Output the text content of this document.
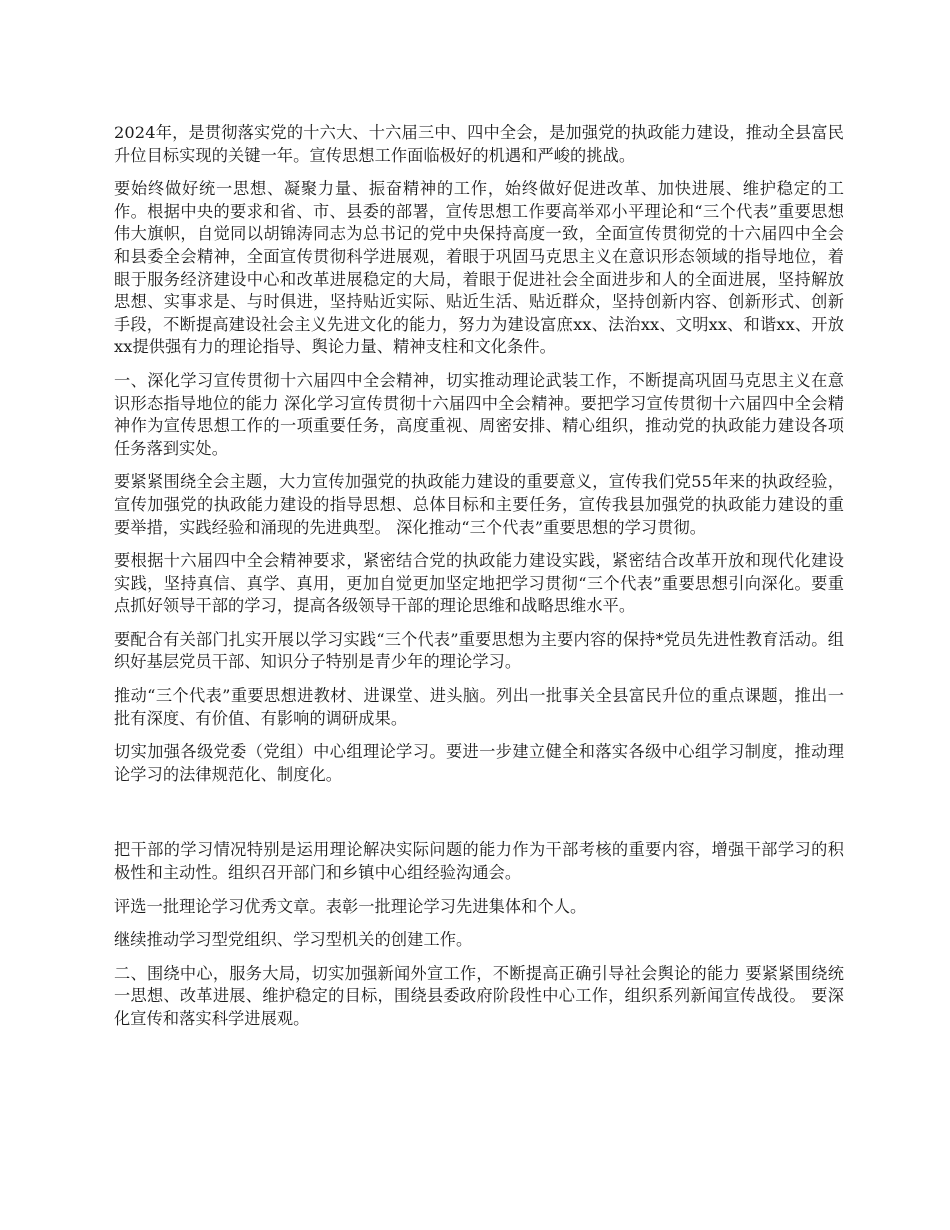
2024年，是贯彻落实党的十六大、十六届三中、四中全会，是加强党的执政能力建设，推动全县富民升位目标实现的关键一年。宣传思想工作面临极好的机遇和严峻的挑战。

要始终做好统一思想、凝聚力量、振奋精神的工作，始终做好促进改革、加快进展、维护稳定的工作。根据中央的要求和省、市、县委的部署，宣传思想工作要高举邓小平理论和“三个代表”重要思想伟大旗帜，自觉同以胡锦涛同志为总书记的党中央保持高度一致，全面宣传贯彻党的十六届四中全会和县委全会精神，全面宣传贯彻科学进展观，着眼于巩固马克思主义在意识形态领域的指导地位，着眼于服务经济建设中心和改革进展稳定的大局，着眼于促进社会全面进步和人的全面进展，坚持解放思想、实事求是、与时俱进，坚持贴近实际、贴近生活、贴近群众，坚持创新内容、创新形式、创新手段，不断提高建设社会主义先进文化的能力，努力为建设富庶xx、法治xx、文明xx、和谐xx、开放xx提供强有力的理论指导、舆论力量、精神支柱和文化条件。

一、深化学习宣传贯彻十六届四中全会精神，切实推动理论武装工作，不断提高巩固马克思主义在意识形态指导地位的能力 深化学习宣传贯彻十六届四中全会精神。要把学习宣传贯彻十六届四中全会精神作为宣传思想工作的一项重要任务，高度重视、周密安排、精心组织，推动党的执政能力建设各项任务落到实处。

要紧紧围绕全会主题，大力宣传加强党的执政能力建设的重要意义，宣传我们党55年来的执政经验，宣传加强党的执政能力建设的指导思想、总体目标和主要任务，宣传我县加强党的执政能力建设的重要举措，实践经验和涌现的先进典型。 深化推动“三个代表”重要思想的学习贯彻。

要根据十六届四中全会精神要求，紧密结合党的执政能力建设实践，紧密结合改革开放和现代化建设实践，坚持真信、真学、真用，更加自觉更加坚定地把学习贯彻“三个代表”重要思想引向深化。要重点抓好领导干部的学习，提高各级领导干部的理论思维和战略思维水平。

要配合有关部门扎实开展以学习实践“三个代表”重要思想为主要内容的保持*党员先进性教育活动。组织好基层党员干部、知识分子特别是青少年的理论学习。

推动“三个代表”重要思想进教材、进课堂、进头脑。列出一批事关全县富民升位的重点课题，推出一批有深度、有价值、有影响的调研成果。

切实加强各级党委（党组）中心组理论学习。要进一步建立健全和落实各级中心组学习制度，推动理论学习的法律规范化、制度化。

把干部的学习情况特别是运用理论解决实际问题的能力作为干部考核的重要内容，增强干部学习的积极性和主动性。组织召开部门和乡镇中心组经验沟通会。

评选一批理论学习优秀文章。表彰一批理论学习先进集体和个人。

继续推动学习型党组织、学习型机关的创建工作。

二、围绕中心，服务大局，切实加强新闻外宣工作，不断提高正确引导社会舆论的能力 要紧紧围绕统一思想、改革进展、维护稳定的目标，围绕县委政府阶段性中心工作，组织系列新闻宣传战役。 要深化宣传和落实科学进展观。
